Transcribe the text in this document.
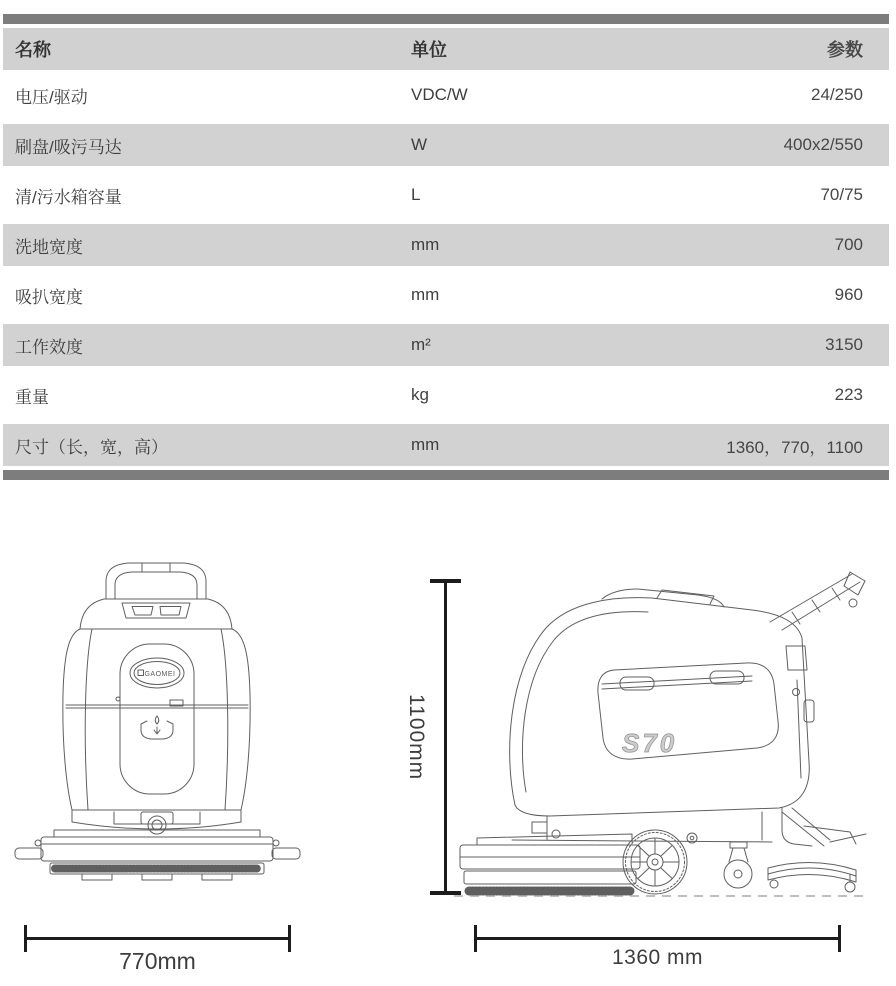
名称	单位	参数
电压/驱动	VDC/W	24/250
刷盘/吸污马达	W	400x2/550
清/污水箱容量	L	70/75
洗地宽度	mm	700
吸扒宽度	mm	960
工作效度	m²	3150
重量	kg	223
尺寸（长，宽，高）	mm	1360，770，1100
GAOMEI
S70
1100mm
770mm	1360 mm
